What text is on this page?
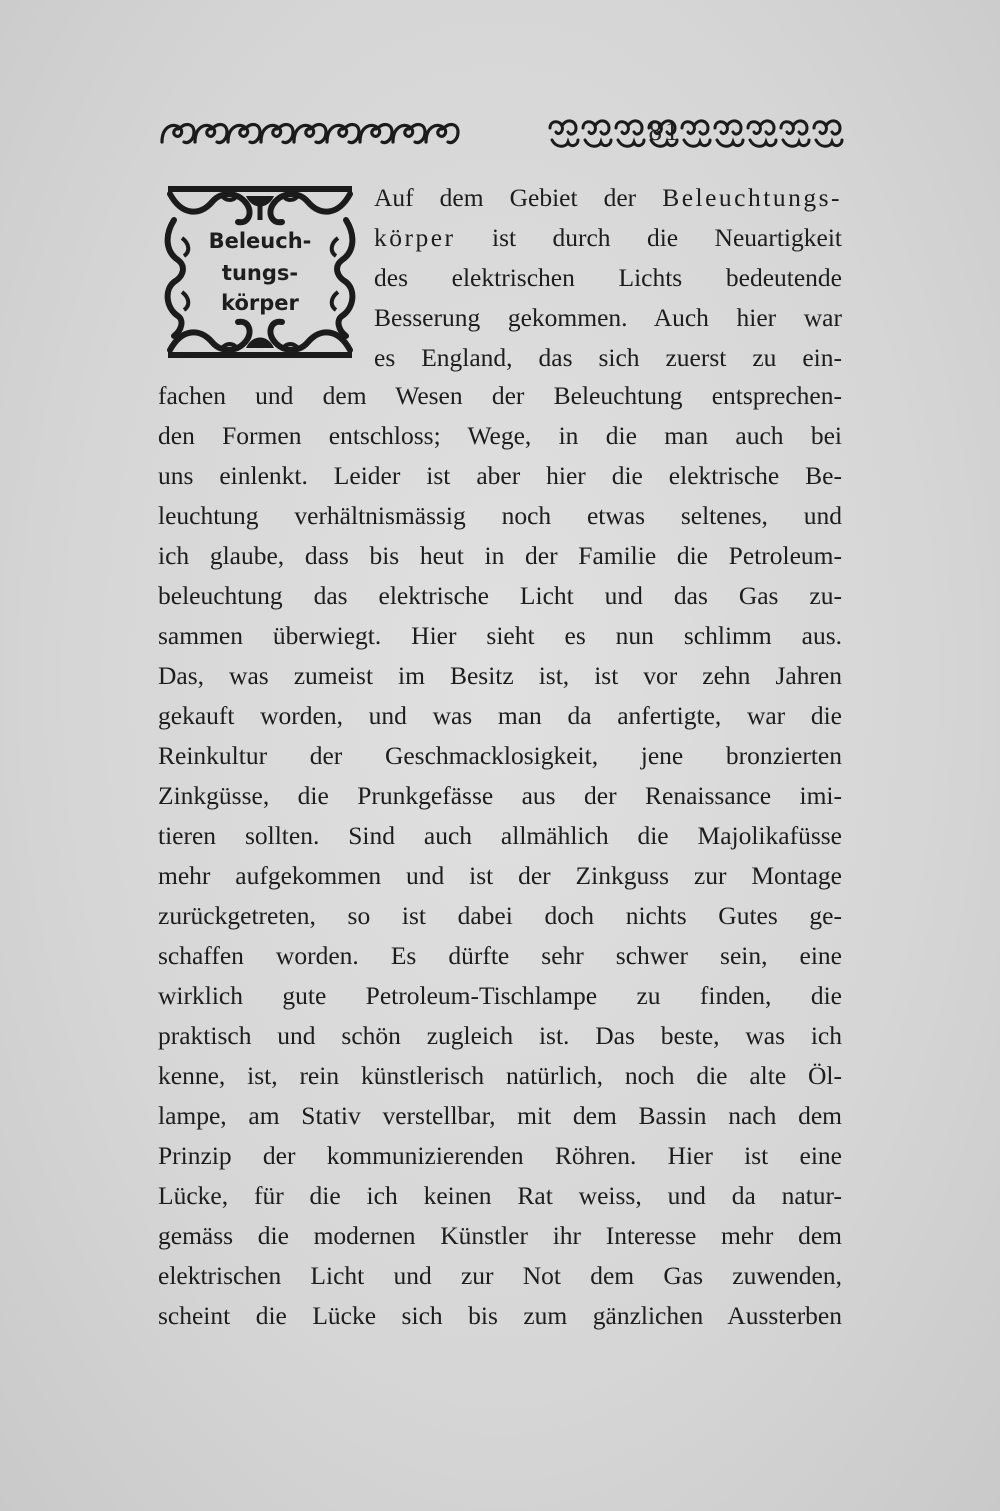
81
Beleuch-
tungs-
körper
Auf dem Gebiet der Beleuchtungs-
körper ist durch die Neuartigkeit
des elektrischen Lichts bedeutende
Besserung gekommen. Auch hier war
es England, das sich zuerst zu ein-
fachen und dem Wesen der Beleuchtung entsprechen-
den Formen entschloss; Wege, in die man auch bei
uns einlenkt. Leider ist aber hier die elektrische Be-
leuchtung verhältnismässig noch etwas seltenes, und
ich glaube, dass bis heut in der Familie die Petroleum-
beleuchtung das elektrische Licht und das Gas zu-
sammen überwiegt. Hier sieht es nun schlimm aus.
Das, was zumeist im Besitz ist, ist vor zehn Jahren
gekauft worden, und was man da anfertigte, war die
Reinkultur der Geschmacklosigkeit, jene bronzierten
Zinkgüsse, die Prunkgefässe aus der Renaissance imi-
tieren sollten. Sind auch allmählich die Majolikafüsse
mehr aufgekommen und ist der Zinkguss zur Montage
zurückgetreten, so ist dabei doch nichts Gutes ge-
schaffen worden. Es dürfte sehr schwer sein, eine
wirklich gute Petroleum-Tischlampe zu finden, die
praktisch und schön zugleich ist. Das beste, was ich
kenne, ist, rein künstlerisch natürlich, noch die alte Öl-
lampe, am Stativ verstellbar, mit dem Bassin nach dem
Prinzip der kommunizierenden Röhren. Hier ist eine
Lücke, für die ich keinen Rat weiss, und da natur-
gemäss die modernen Künstler ihr Interesse mehr dem
elektrischen Licht und zur Not dem Gas zuwenden,
scheint die Lücke sich bis zum gänzlichen Aussterben
